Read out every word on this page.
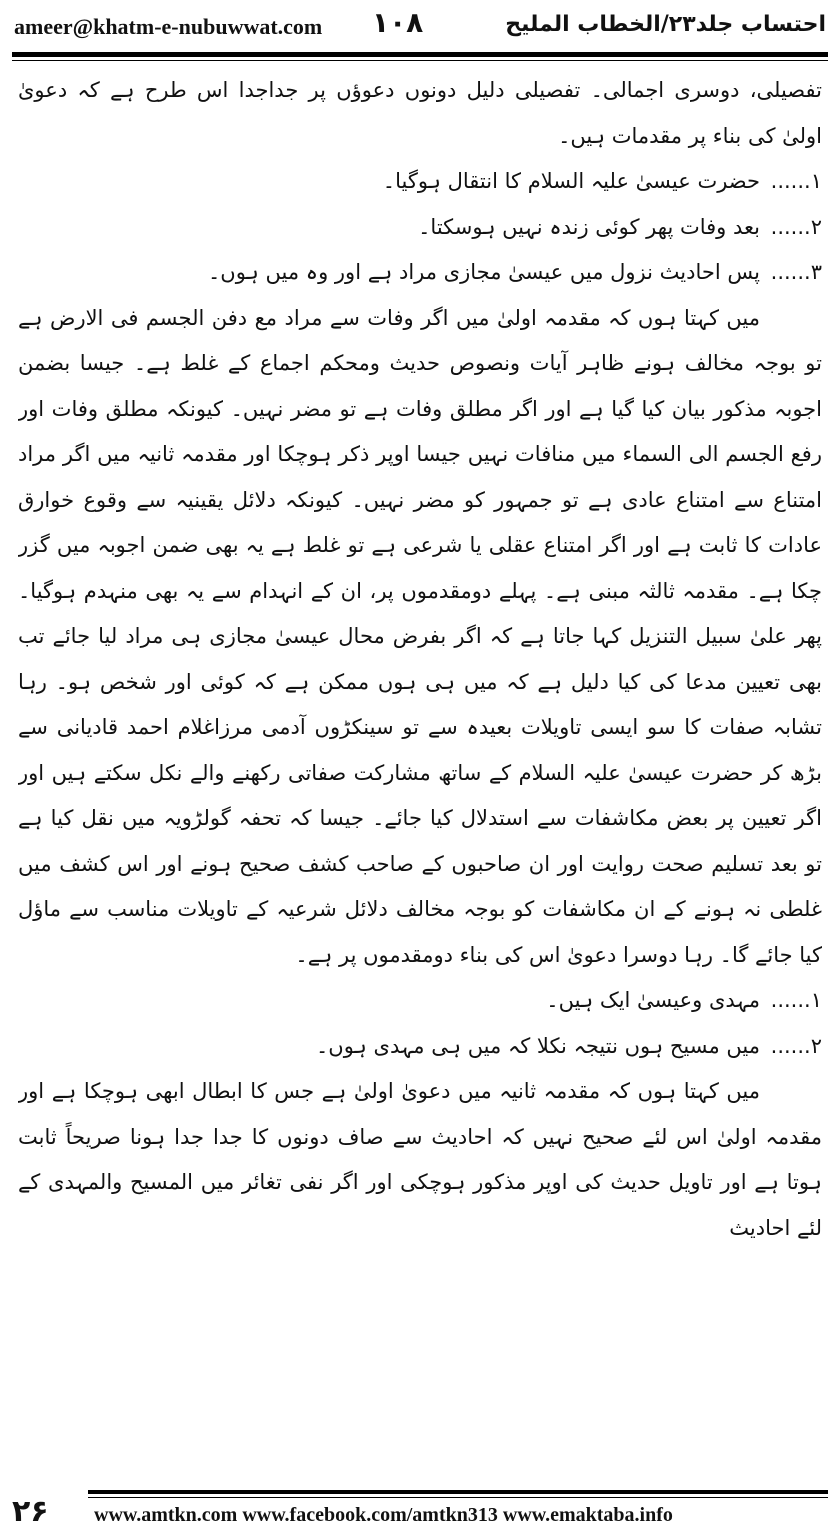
ameer@khatm-e-nubuwwat.com ۱۰۸	احتساب جلد۲۳/الخطاب الملیح

تفصیلی، دوسری اجمالی۔ تفصیلی دلیل دونوں دعوؤں پر جداجدا اس طرح ہے کہ دعویٰ اولیٰ کی بناء پر مقدمات ہیں۔

۱......
حضرت عیسیٰ علیہ السلام کا انتقال ہوگیا۔

۲......
بعد وفات پھر کوئی زندہ نہیں ہوسکتا۔

۳......
پس احادیث نزول میں عیسیٰ مجازی مراد ہے اور وہ میں ہوں۔

میں کہتا ہوں کہ مقدمہ اولیٰ میں اگر وفات سے مراد مع دفن الجسم فی الارض ہے تو بوجہ مخالف ہونے ظاہر آیات ونصوص حدیث ومحکم اجماع کے غلط ہے۔ جیسا بضمن اجوبہ مذکور بیان کیا گیا ہے اور اگر مطلق وفات ہے تو مضر نہیں۔ کیونکہ مطلق وفات اور رفع الجسم الی السماء میں منافات نہیں جیسا اوپر ذکر ہوچکا اور مقدمہ ثانیہ میں اگر مراد امتناع سے امتناع عادی ہے تو جمہور کو مضر نہیں۔ کیونکہ دلائل یقینیہ سے وقوع خوارق عادات کا ثابت ہے اور اگر امتناع عقلی یا شرعی ہے تو غلط ہے یہ بھی ضمن اجوبہ میں گزر چکا ہے۔ مقدمہ ثالثہ مبنی ہے۔ پہلے دومقدموں پر، ان کے انہدام سے یہ بھی منہدم ہوگیا۔ پھر علیٰ سبیل التنزیل کہا جاتا ہے کہ اگر بفرض محال عیسیٰ مجازی ہی مراد لیا جائے تب بھی تعیین مدعا کی کیا دلیل ہے کہ میں ہی ہوں ممکن ہے کہ کوئی اور شخص ہو۔ رہا تشابہ صفات کا سو ایسی تاویلات بعیدہ سے تو سینکڑوں آدمی مرزاغلام احمد قادیانی سے بڑھ کر حضرت عیسیٰ علیہ السلام کے ساتھ مشارکت صفاتی رکھنے والے نکل سکتے ہیں اور اگر تعیین پر بعض مکاشفات سے استدلال کیا جائے۔ جیسا کہ تحفہ گولڑویہ میں نقل کیا ہے تو بعد تسلیم صحت روایت اور ان صاحبوں کے صاحب کشف صحیح ہونے اور اس کشف میں غلطی نہ ہونے کے ان مکاشفات کو بوجہ مخالف دلائل شرعیہ کے تاویلات مناسب سے ماؤل کیا جائے گا۔ رہا دوسرا دعویٰ اس کی بناء دومقدموں پر ہے۔

۱......
مہدی وعیسیٰ ایک ہیں۔

۲......
میں مسیح ہوں نتیجہ نکلا کہ میں ہی مہدی ہوں۔

میں کہتا ہوں کہ مقدمہ ثانیہ میں دعویٰ اولیٰ ہے جس کا ابطال ابھی ہوچکا ہے اور مقدمہ اولیٰ اس لئے صحیح نہیں کہ احادیث سے صاف دونوں کا جدا جدا ہونا صریحاً ثابت ہوتا ہے اور تاویل حدیث کی اوپر مذکور ہوچکی اور اگر نفی تغائر میں المسیح والمہدی کے لئے احادیث

۲۶ www.amtkn.com www.facebook.com/amtkn313 www.emaktaba.info
